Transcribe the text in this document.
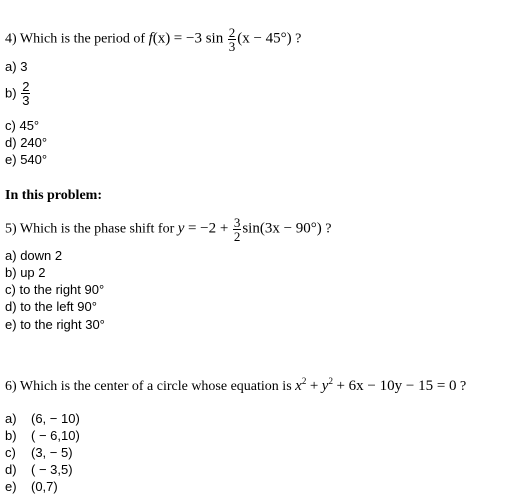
4) Which is the period of f(x) = −3 $\sin \frac{2}{3} (x - 45^\circ)$ ?
a) 3
$b) \frac{2}{3}$
c) 45°
d) 240°
e) 540°
In this problem:
5) Which is the phase shift for $y = -2 + \frac{3}{2} \sin(3x - 90^\circ)$ ?
a) down 2
b) up 2
c) to the right 90°
d) to the left 90°
e) to the right 30°
6) Which is the center of a circle whose equation is $x^2 + y^2 + 6x - 10y - 15 = 0$ ?
a) (6, − 10)
b) ( − 6,10)
c) (3, − 5)
d) ( − 3,5)
e) (0,7)
